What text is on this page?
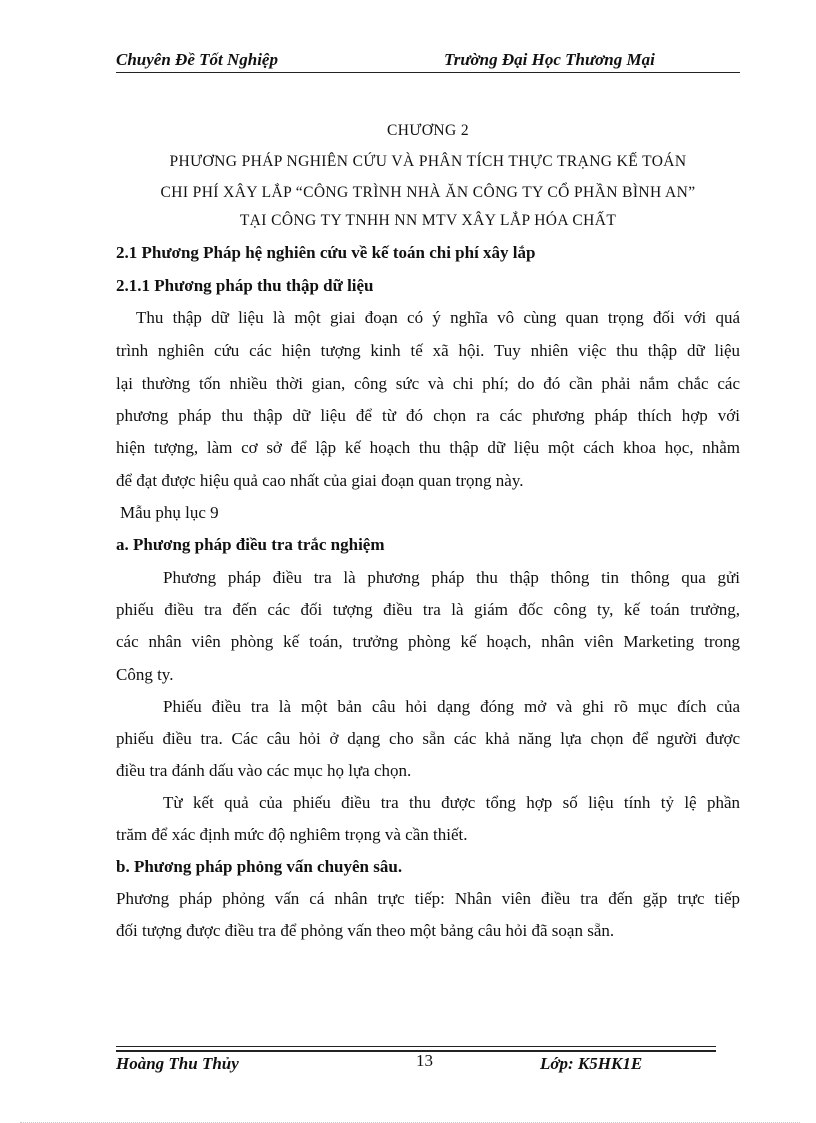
Chuyên Đề Tốt Nghiệp	Trường Đại Học Thương Mại
CHƯƠNG 2
PHƯƠNG PHÁP NGHIÊN CỨU VÀ PHÂN TÍCH THỰC TRẠNG KẾ TOÁN
CHI PHÍ XÂY LẮP “CÔNG TRÌNH NHÀ ĂN CÔNG TY CỔ PHẦN BÌNH AN”
TẠI CÔNG TY TNHH NN MTV XÂY LẮP HÓA CHẤT
2.1 Phương Pháp hệ nghiên cứu về kế toán chi phí xây lắp
2.1.1 Phương pháp thu thập dữ liệu
Thu thập dữ liệu là một giai đoạn có ý nghĩa vô cùng quan trọng đối với quá
trình nghiên cứu các hiện tượng kinh tế xã hội. Tuy nhiên việc thu thập dữ liệu
lại thường tốn nhiều thời gian, công sức và chi phí; do đó cần phải nắm chắc các
phương pháp thu thập dữ liệu để từ đó chọn ra các phương pháp thích hợp với
hiện tượng, làm cơ sở để lập kế hoạch thu thập dữ liệu một cách khoa học, nhằm
để đạt được hiệu quả cao nhất của giai đoạn quan trọng này.
Mẫu phụ lục 9
a. Phương pháp điều tra trắc nghiệm
Phương pháp điều tra là phương pháp thu thập thông tin thông qua gửi
phiếu điều tra đến các đối tượng điều tra là giám đốc công ty, kế toán trưởng,
các nhân viên phòng kế toán, trưởng phòng kế hoạch, nhân viên Marketing trong
Công ty.
Phiếu điều tra là một bản câu hỏi dạng đóng mở và ghi rõ mục đích của
phiếu điều tra. Các câu hỏi ở dạng cho sẵn các khả năng lựa chọn để người được
điều tra đánh dấu vào các mục họ lựa chọn.
Từ kết quả của phiếu điều tra thu được tổng hợp số liệu tính tỷ lệ phần
trăm để xác định mức độ nghiêm trọng và cần thiết.
b. Phương pháp phỏng vấn chuyên sâu.
Phương pháp phỏng vấn cá nhân trực tiếp: Nhân viên điều tra đến gặp trực tiếp
đối tượng được điều tra để phỏng vấn theo một bảng câu hỏi đã soạn sẵn.
Hoàng Thu Thủy	13	Lớp: K5HK1E
